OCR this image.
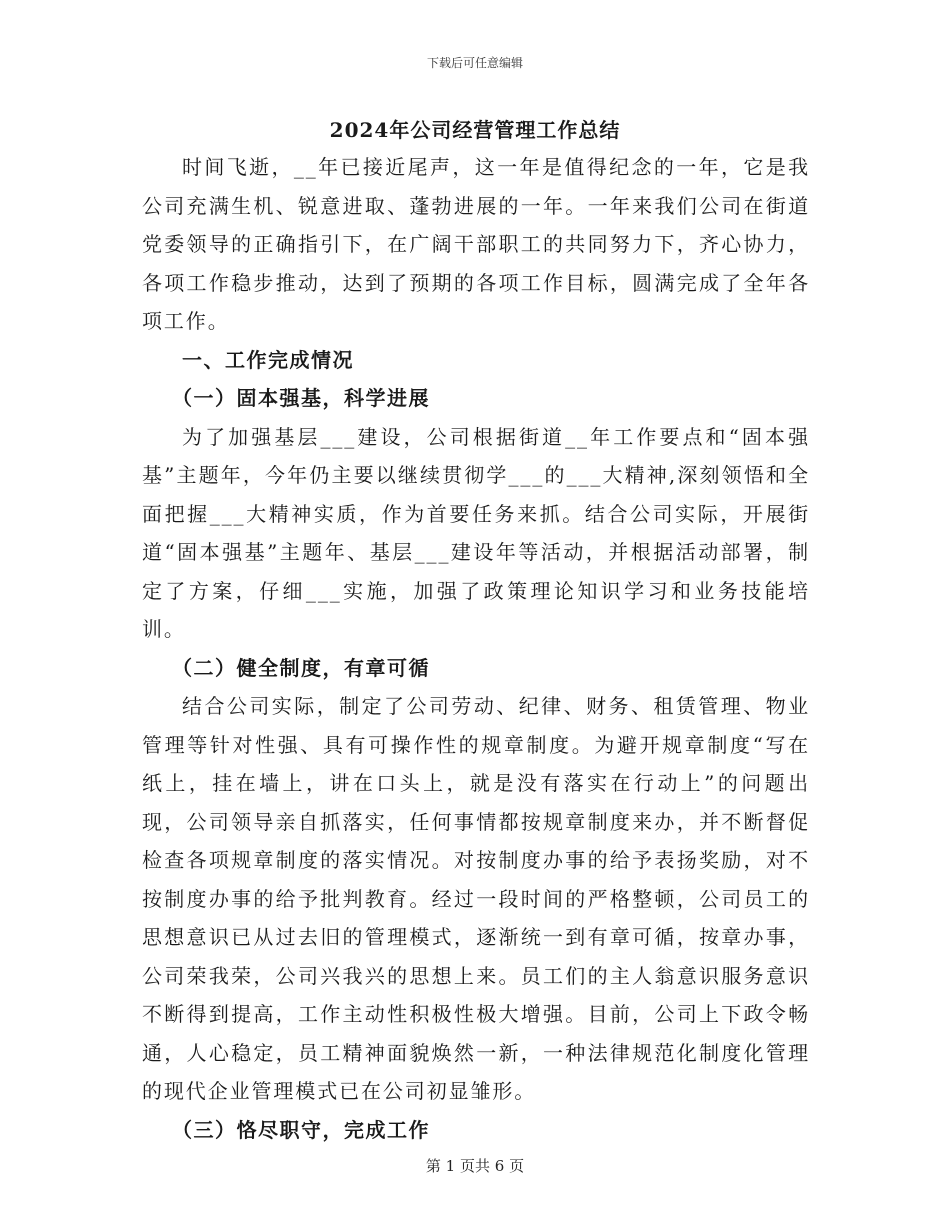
下载后可任意编辑
2024年公司经营管理工作总结

时间飞逝，__年已接近尾声，这一年是值得纪念的一年，它是我公司充满生机、锐意进取、蓬勃进展的一年。一年来我们公司在街道党委领导的正确指引下，在广阔干部职工的共同努力下，齐心协力，各项工作稳步推动，达到了预期的各项工作目标，圆满完成了全年各项工作。

一、工作完成情况

（一）固本强基，科学进展

为了加强基层___建设，公司根据街道__年工作要点和“固本强基”主题年，今年仍主要以继续贯彻学___的___大精神,深刻领悟和全面把握___大精神实质，作为首要任务来抓。结合公司实际，开展街道“固本强基”主题年、基层___建设年等活动，并根据活动部署，制定了方案，仔细___实施，加强了政策理论知识学习和业务技能培训。

（二）健全制度，有章可循

结合公司实际，制定了公司劳动、纪律、财务、租赁管理、物业管理等针对性强、具有可操作性的规章制度。为避开规章制度“写在纸上，挂在墙上，讲在口头上，就是没有落实在行动上”的问题出现，公司领导亲自抓落实，任何事情都按规章制度来办，并不断督促检查各项规章制度的落实情况。对按制度办事的给予表扬奖励，对不按制度办事的给予批判教育。经过一段时间的严格整顿，公司员工的思想意识已从过去旧的管理模式，逐渐统一到有章可循，按章办事，公司荣我荣，公司兴我兴的思想上来。员工们的主人翁意识服务意识不断得到提高，工作主动性积极性极大增强。目前，公司上下政令畅通，人心稳定，员工精神面貌焕然一新，一种法律规范化制度化管理的现代企业管理模式已在公司初显雏形。

（三）恪尽职守，完成工作

第 1 页共 6 页
